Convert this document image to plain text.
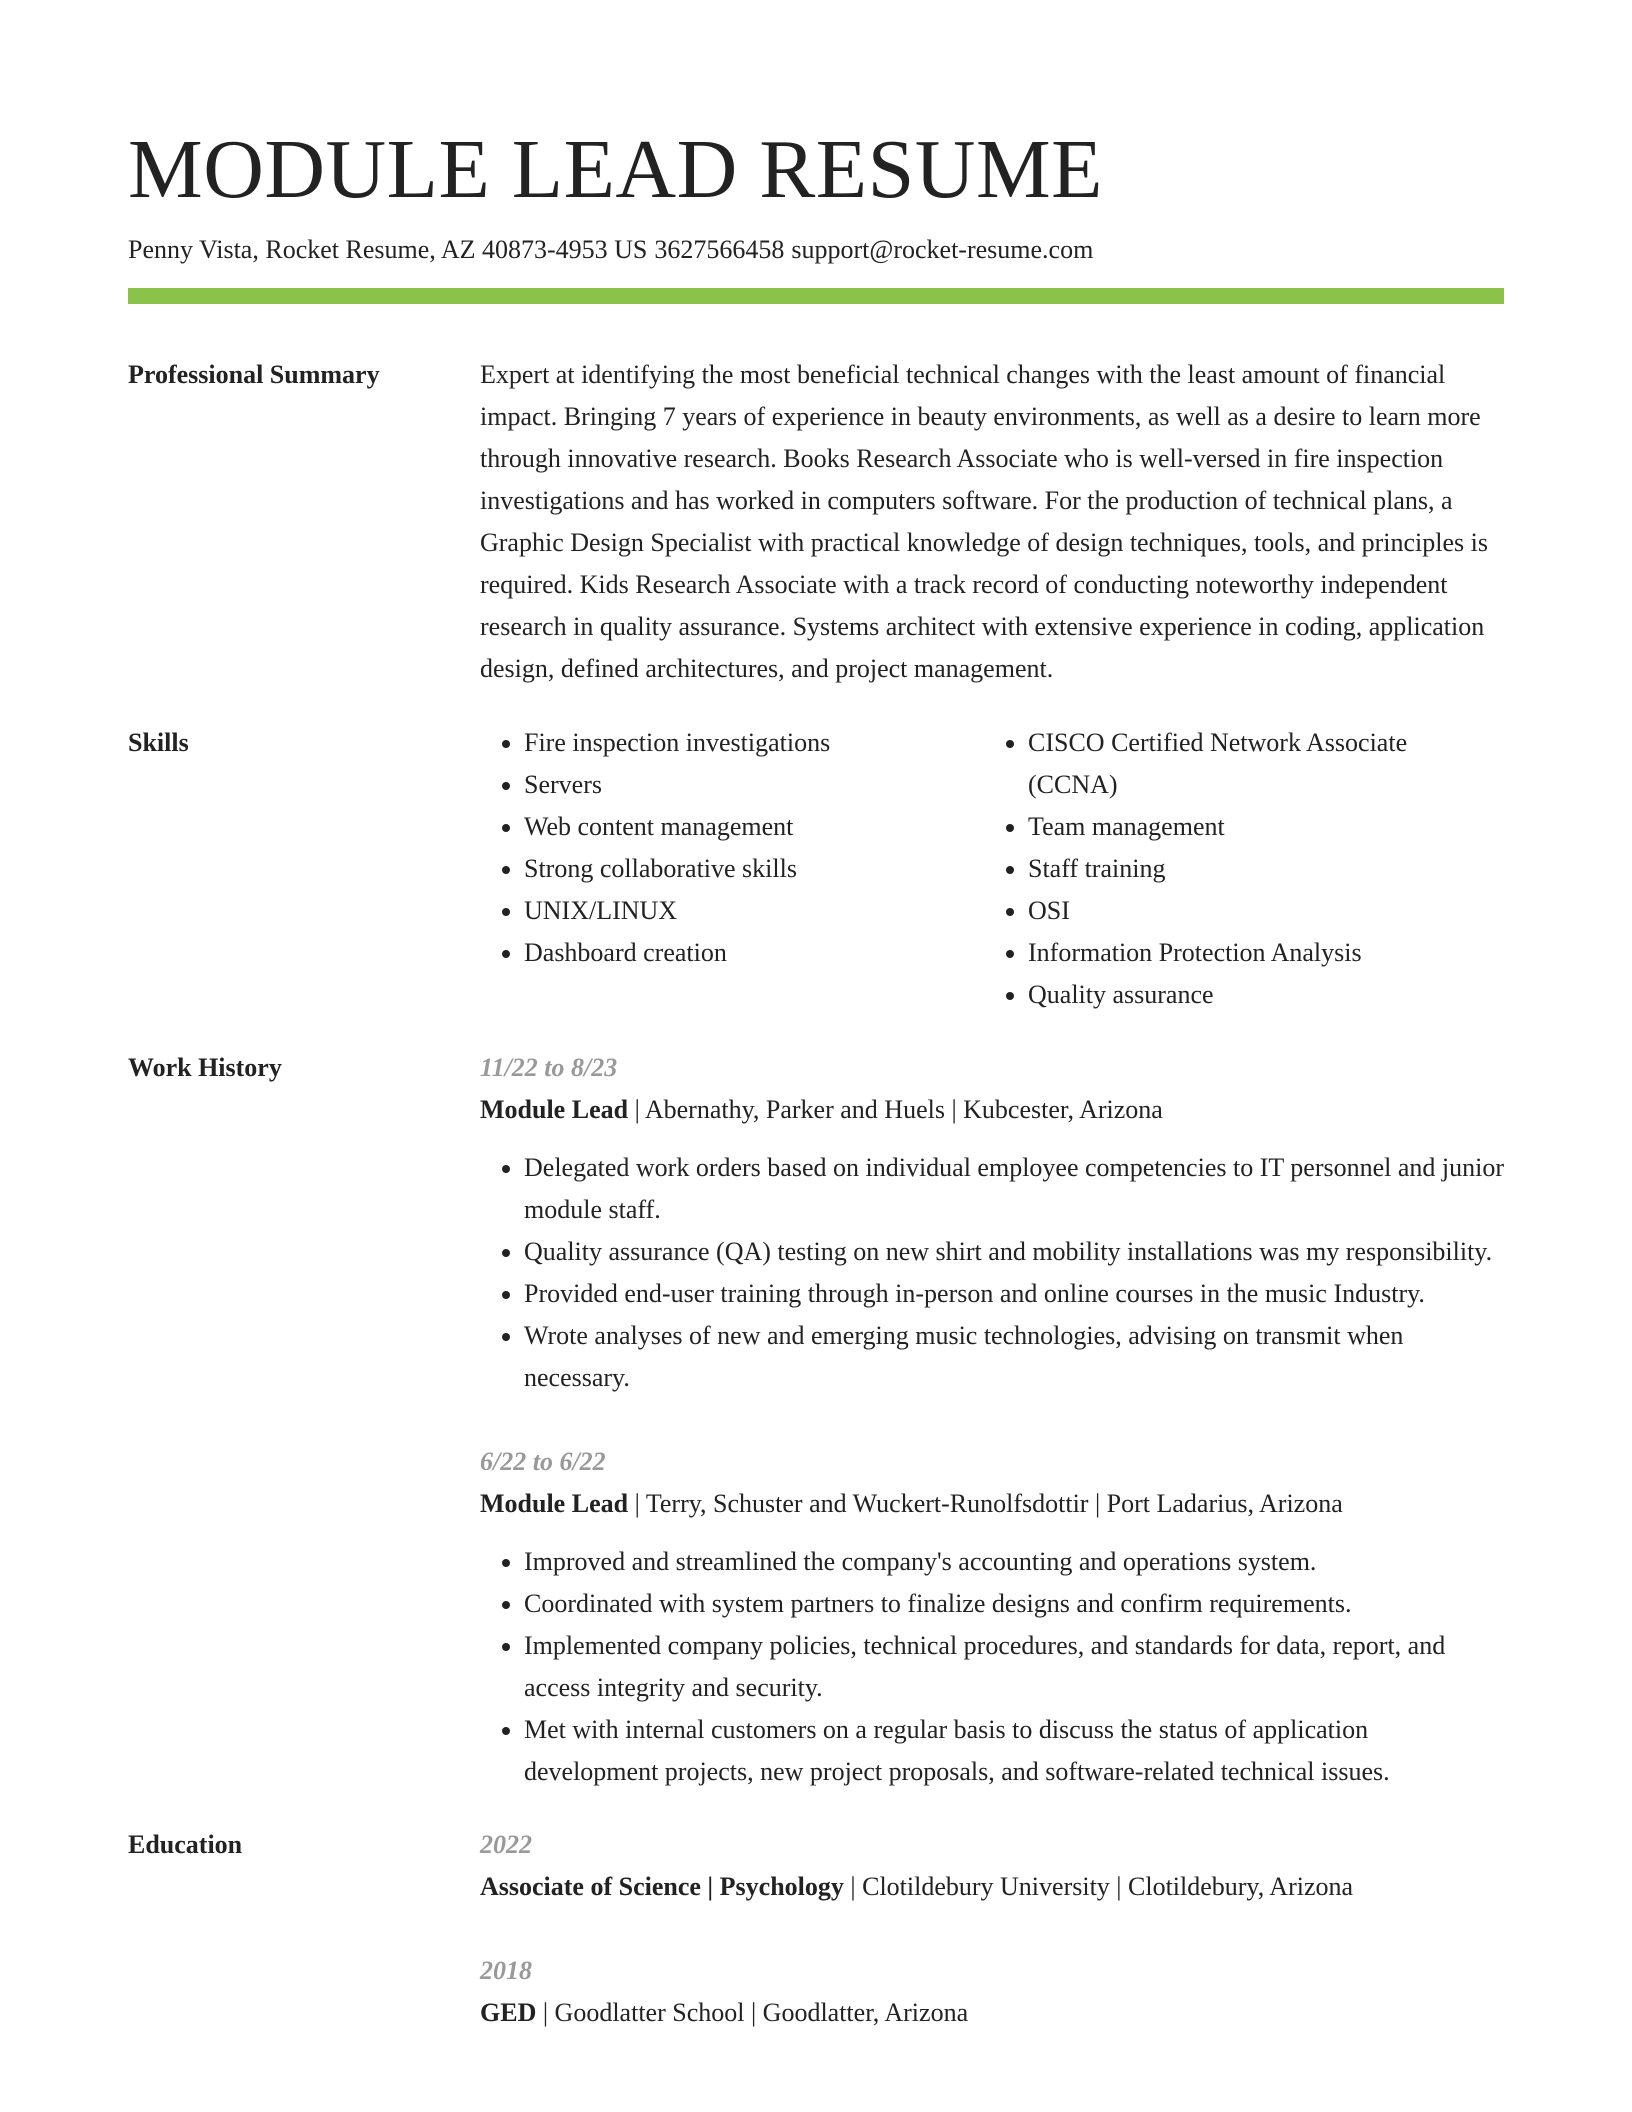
MODULE LEAD RESUME
Penny Vista, Rocket Resume, AZ 40873-4953 US 3627566458 support@rocket-resume.com
Professional Summary	Expert at identifying the most beneficial technical changes with the least amount of financial impact. Bringing 7 years of experience in beauty environments, as well as a desire to learn more through innovative research. Books Research Associate who is well-versed in fire inspection investigations and has worked in computers software. For the production of technical plans, a Graphic Design Specialist with practical knowledge of design techniques, tools, and principles is required. Kids Research Associate with a track record of conducting noteworthy independent research in quality assurance. Systems architect with extensive experience in coding, application design, defined architectures, and project management.
Skills
•	Fire inspection investigations
• Servers
• Web content management
• Strong collaborative skills
• UNIX/LINUX
• Dashboard creation
• CISCO Certified Network Associate (CCNA)
• Team management
• Staff training
• OSI
• Information Protection Analysis
• Quality assurance
Work History	11/22 to 8/23
Module Lead | Abernathy, Parker and Huels | Kubcester, Arizona
• Delegated work orders based on individual employee competencies to IT personnel and junior module staff.
• Quality assurance (QA) testing on new shirt and mobility installations was my responsibility.
• Provided end-user training through in-person and online courses in the music Industry.
• Wrote analyses of new and emerging music technologies, advising on transmit when necessary.
6/22 to 6/22
Module Lead | Terry, Schuster and Wuckert-Runolfsdottir | Port Ladarius, Arizona
• Improved and streamlined the company's accounting and operations system.
• Coordinated with system partners to finalize designs and confirm requirements.
• Implemented company policies, technical procedures, and standards for data, report, and access integrity and security.
• Met with internal customers on a regular basis to discuss the status of application development projects, new project proposals, and software-related technical issues.
Education	2022
Associate of Science | Psychology | Clotildebury University | Clotildebury, Arizona
2018
GED | Goodlatter School | Goodlatter, Arizona
